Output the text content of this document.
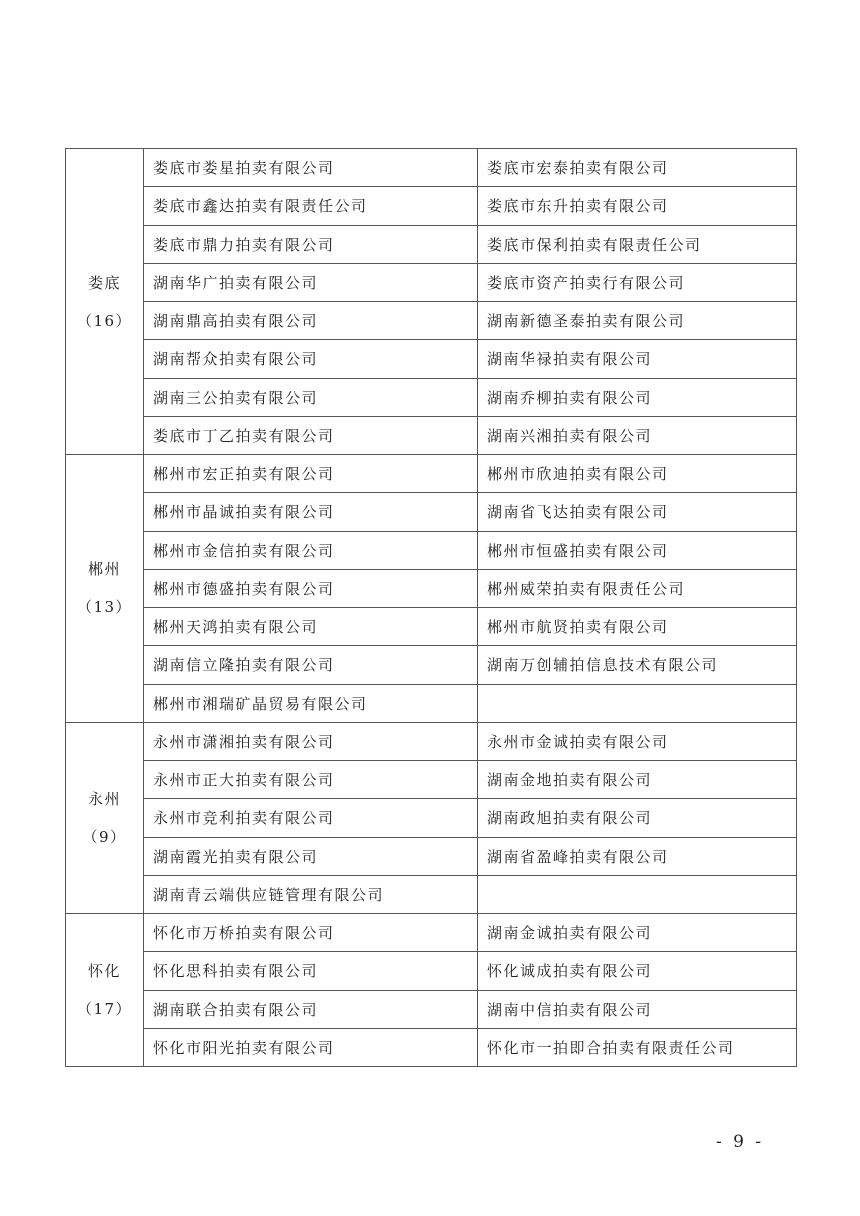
娄底
（16）	娄底市娄星拍卖有限公司	娄底市宏泰拍卖有限公司
	娄底市鑫达拍卖有限责任公司	娄底市东升拍卖有限公司
	娄底市鼎力拍卖有限公司	娄底市保利拍卖有限责任公司
	湖南华广拍卖有限公司	娄底市资产拍卖行有限公司
	湖南鼎高拍卖有限公司	湖南新德圣泰拍卖有限公司
	湖南帮众拍卖有限公司	湖南华禄拍卖有限公司
	湖南三公拍卖有限公司	湖南乔柳拍卖有限公司
	娄底市丁乙拍卖有限公司	湖南兴湘拍卖有限公司

郴州
（13）	郴州市宏正拍卖有限公司	郴州市欣迪拍卖有限公司
	郴州市晶诚拍卖有限公司	湖南省飞达拍卖有限公司
	郴州市金信拍卖有限公司	郴州市恒盛拍卖有限公司
	郴州市德盛拍卖有限公司	郴州威荣拍卖有限责任公司
	郴州天鸿拍卖有限公司	郴州市航贤拍卖有限公司
	湖南信立隆拍卖有限公司	湖南万创辅拍信息技术有限公司
	郴州市湘瑞矿晶贸易有限公司	

永州
（9）	永州市潇湘拍卖有限公司	永州市金诚拍卖有限公司
	永州市正大拍卖有限公司	湖南金地拍卖有限公司
	永州市竞利拍卖有限公司	湖南政旭拍卖有限公司
	湖南霞光拍卖有限公司	湖南省盈峰拍卖有限公司
	湖南青云端供应链管理有限公司	

怀化
（17）	怀化市万桥拍卖有限公司	湖南金诚拍卖有限公司
	怀化思科拍卖有限公司	怀化诚成拍卖有限公司
	湖南联合拍卖有限公司	湖南中信拍卖有限公司
	怀化市阳光拍卖有限公司	怀化市一拍即合拍卖有限责任公司
- 9 -
